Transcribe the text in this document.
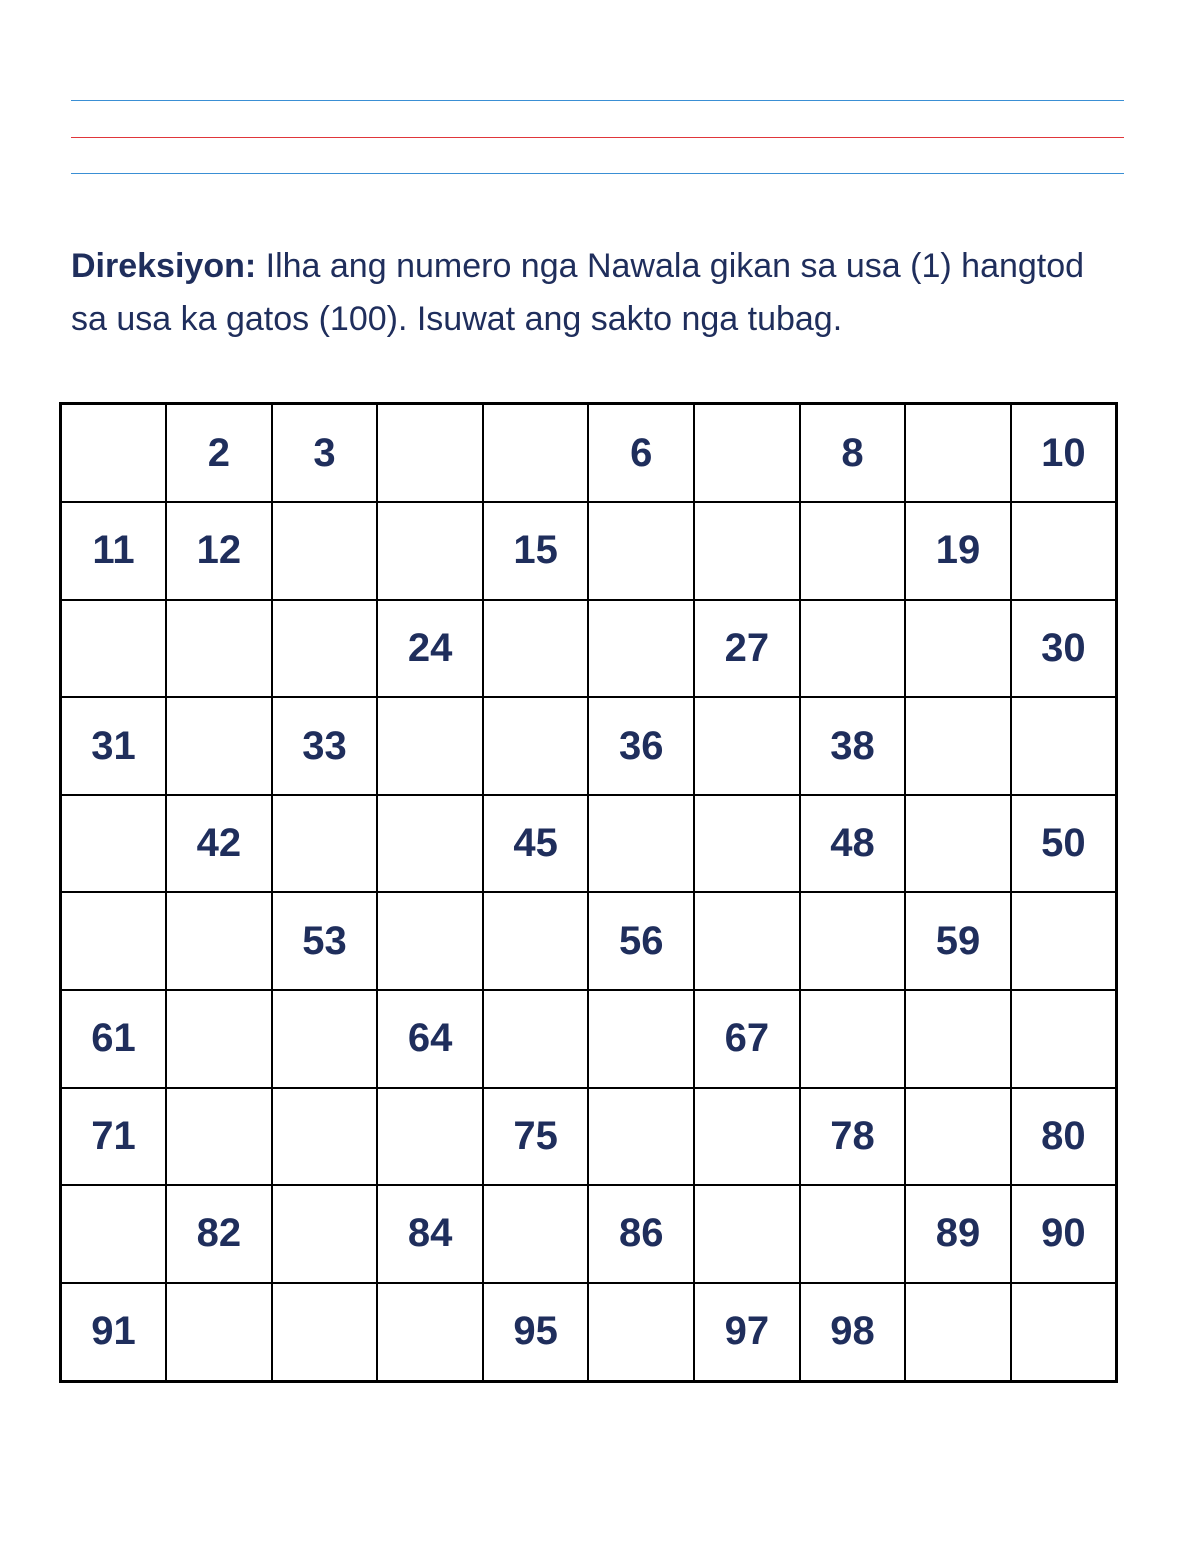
Direksiyon: Ilha ang numero nga Nawala gikan sa usa (1) hangtod
sa usa ka gatos (100). Isuwat ang sakto nga tubag.
	2	3			6		8		10
11	12			15				19	
			24			27			30
31		33			36		38		
	42			45			48		50
		53			56			59	
61			64			67			
71				75			78		80
	82		84		86			89	90
91				95		97	98		
